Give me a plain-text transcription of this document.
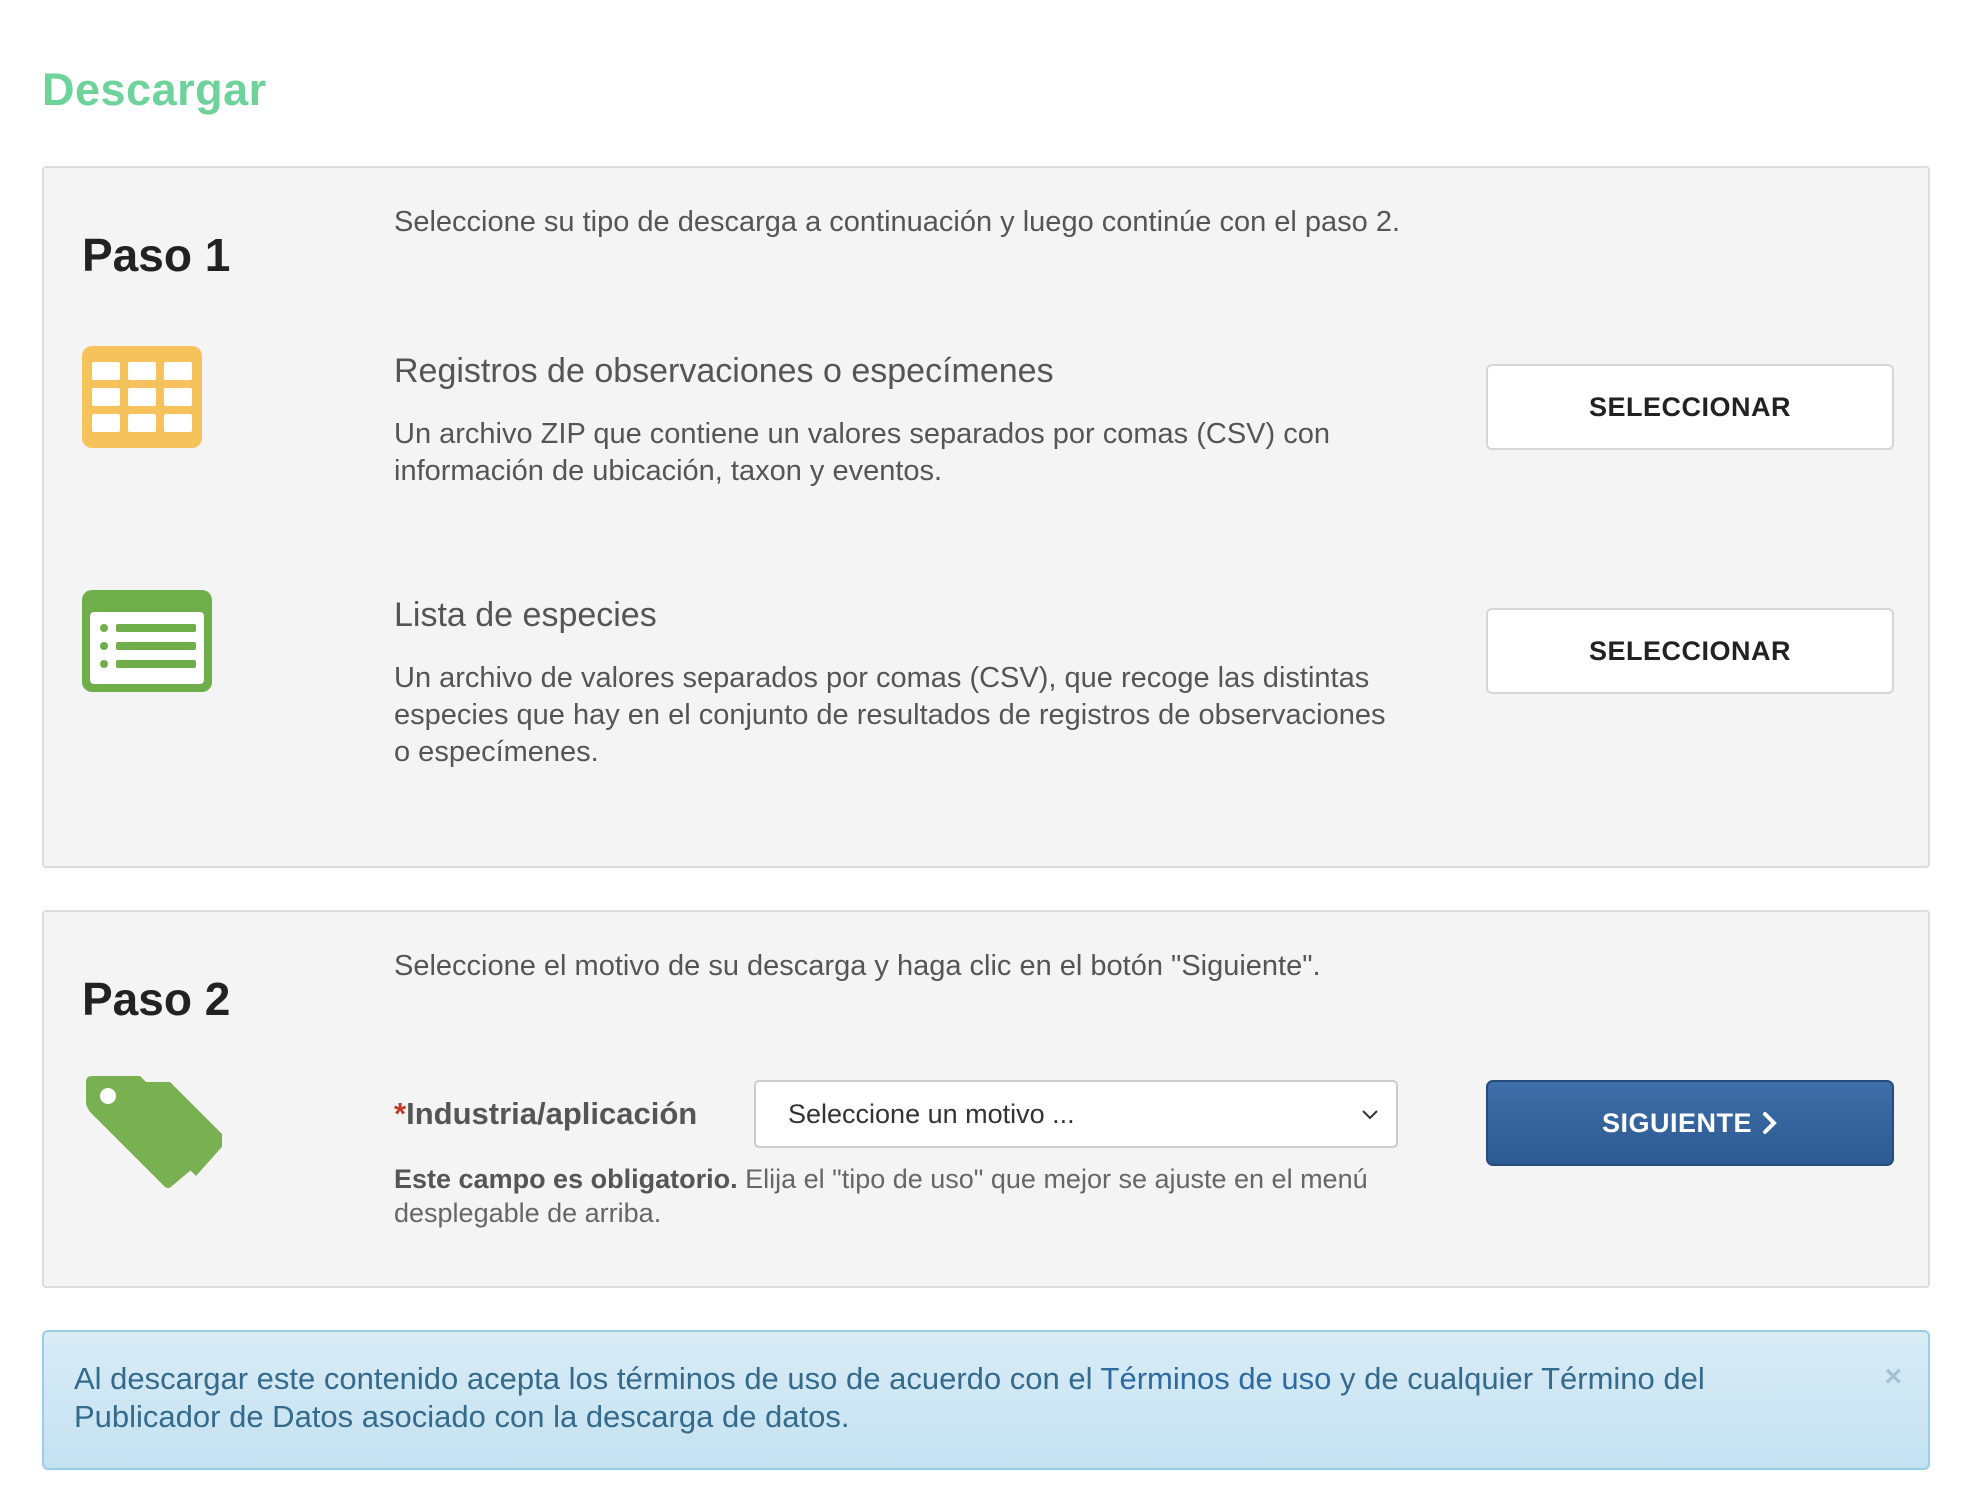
Descargar
Paso 1
Seleccione su tipo de descarga a continuación y luego continúe con el paso 2.
Registros de observaciones o especímenes
Un archivo ZIP que contiene un valores separados por comas (CSV) con información de ubicación, taxon y eventos.
SELECCIONAR
Lista de especies
Un archivo de valores separados por comas (CSV), que recoge las distintas especies que hay en el conjunto de resultados de registros de observaciones o especímenes.
SELECCIONAR
Paso 2
Seleccione el motivo de su descarga y haga clic en el botón "Siguiente".
*Industria/aplicación
Seleccione un motivo ...
Este campo es obligatorio. Elija el "tipo de uso" que mejor se ajuste en el menú desplegable de arriba.
SIGUIENTE
Al descargar este contenido acepta los términos de uso de acuerdo con el Términos de uso y de cualquier Término del Publicador de Datos asociado con la descarga de datos.
×
